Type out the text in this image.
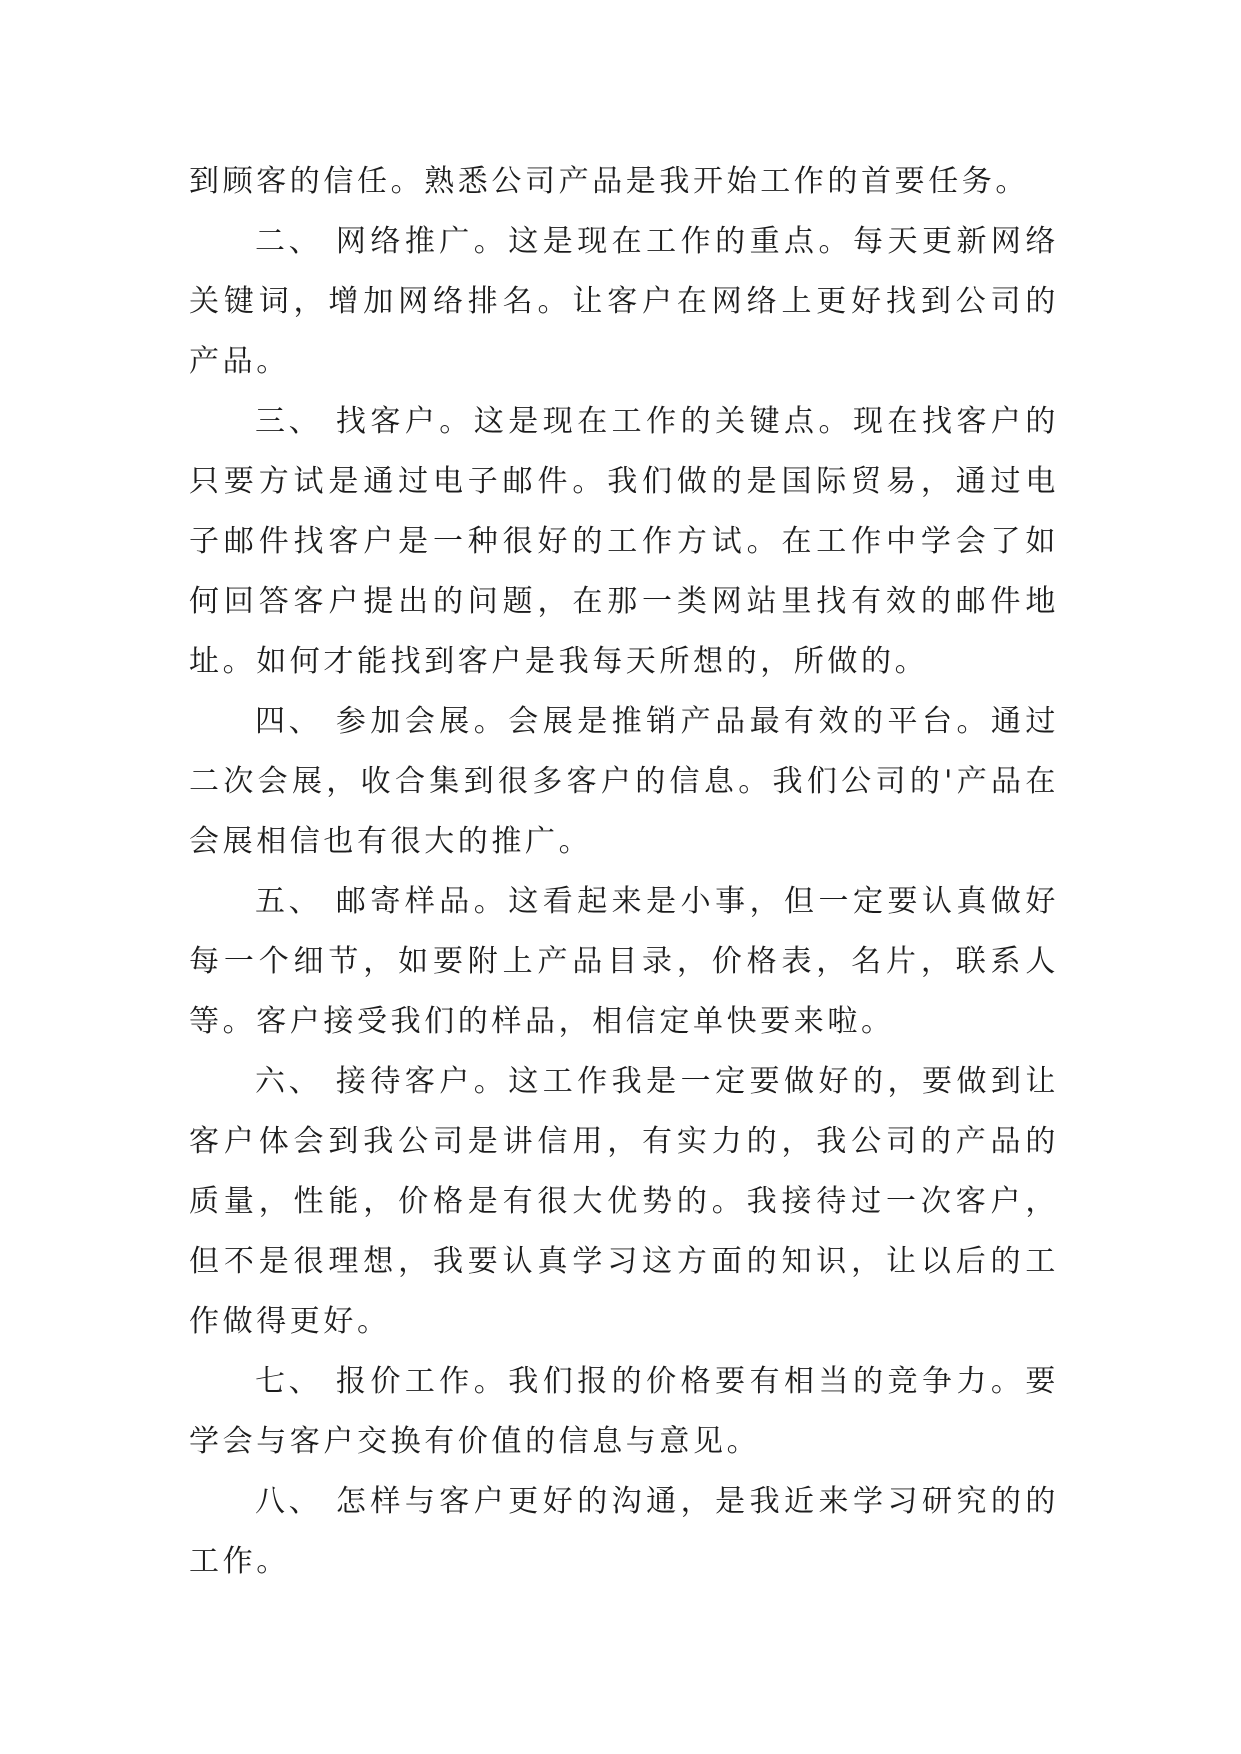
到顾客的信任。熟悉公司产品是我开始工作的首要任务。

二、 网络推广。这是现在工作的重点。每天更新网络关键词，增加网络排名。让客户在网络上更好找到公司的产品。

三、 找客户。这是现在工作的关键点。现在找客户的只要方试是通过电子邮件。我们做的是国际贸易，通过电子邮件找客户是一种很好的工作方试。在工作中学会了如何回答客户提出的问题，在那一类网站里找有效的邮件地址。如何才能找到客户是我每天所想的，所做的。

四、 参加会展。会展是推销产品最有效的平台。通过二次会展，收合集到很多客户的信息。我们公司的'产品在会展相信也有很大的推广。

五、 邮寄样品。这看起来是小事，但一定要认真做好每一个细节，如要附上产品目录，价格表，名片，联系人等。客户接受我们的样品，相信定单快要来啦。

六、 接待客户。这工作我是一定要做好的，要做到让客户体会到我公司是讲信用，有实力的，我公司的产品的质量，性能，价格是有很大优势的。我接待过一次客户，但不是很理想，我要认真学习这方面的知识，让以后的工作做得更好。

七、 报价工作。我们报的价格要有相当的竞争力。要学会与客户交换有价值的信息与意见。

八、 怎样与客户更好的沟通，是我近来学习研究的的工作。
